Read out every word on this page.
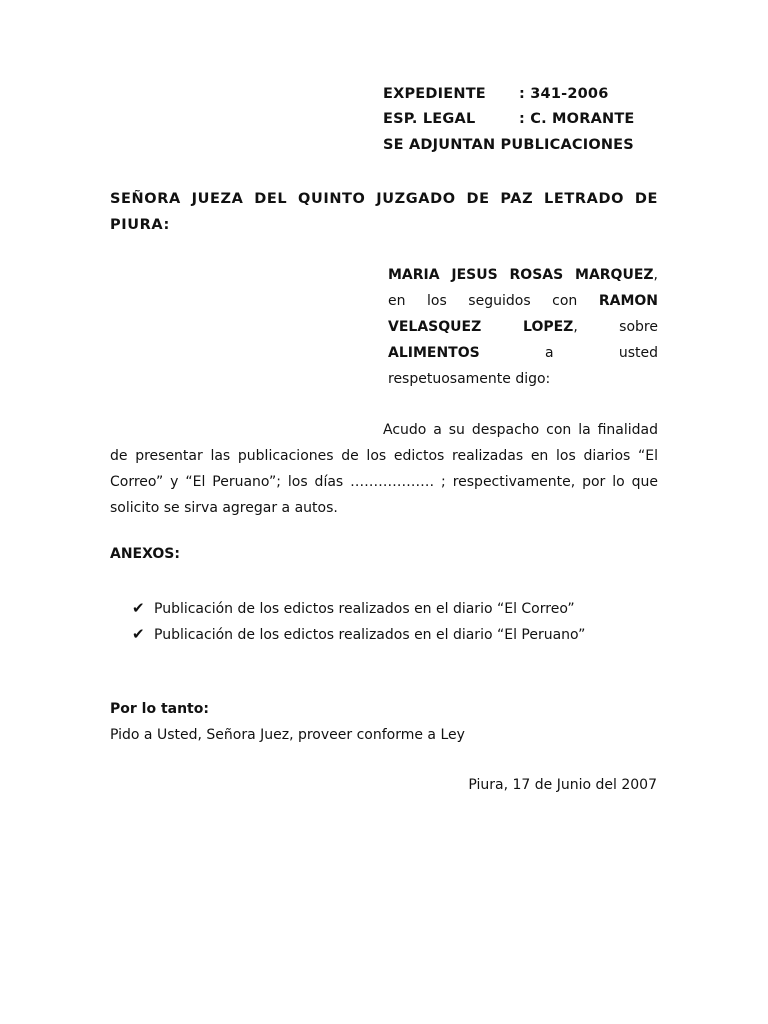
EXPEDIENTE : 341-2006
ESP. LEGAL	: C. MORANTE
SE ADJUNTAN PUBLICACIONES
SEÑORA JUEZA DEL QUINTO JUZGADO DE PAZ LETRADO DE PIURA:
MARIA JESUS ROSAS MARQUEZ, en los seguidos con RAMON VELASQUEZ LOPEZ, sobre ALIMENTOS a usted respetuosamente digo:
Acudo a su despacho con la finalidad de presentar las publicaciones de los edictos realizadas en los diarios “El Correo” y “El Peruano”; los días ……………… ; respectivamente, por lo que solicito se sirva agregar a autos.
ANEXOS:
✔ Publicación de los edictos realizados en el diario “El Correo”
✔ Publicación de los edictos realizados en el diario “El Peruano”
Por lo tanto:
Pido a Usted, Señora Juez, proveer conforme a Ley
Piura, 17 de Junio del 2007
